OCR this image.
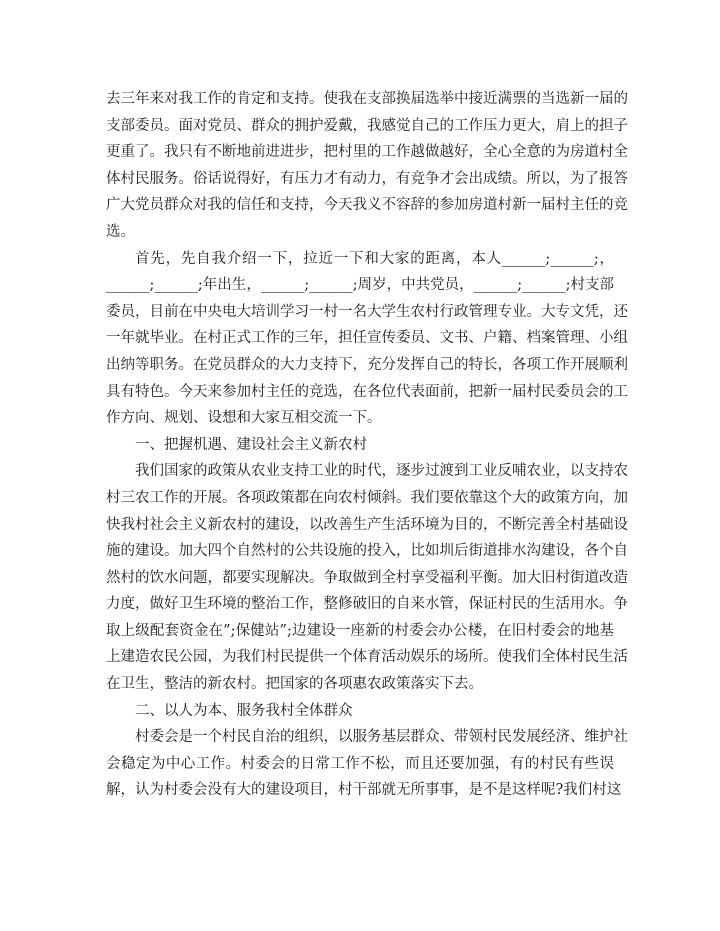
去三年来对我工作的肯定和支持。使我在支部换届选举中接近满票的当选新一届的
支部委员。面对党员、群众的拥护爱戴，我感觉自己的工作压力更大，肩上的担子
更重了。我只有不断地前进进步，把村里的工作越做越好，全心全意的为房道村全
体村民服务。俗话说得好，有压力才有动力，有竞争才会出成绩。所以，为了报答
广大党员群众对我的信任和支持，今天我义不容辞的参加房道村新一届村主任的竞
选。
首先，先自我介绍一下，拉近一下和大家的距离，本人______;______;，
______;______;年出生，______;______;周岁，中共党员，______;______;村支部
委员，目前在中央电大培训学习一村一名大学生农村行政管理专业。大专文凭，还
一年就毕业。在村正式工作的三年，担任宣传委员、文书、户籍、档案管理、小组
出纳等职务。在党员群众的大力支持下，充分发挥自己的特长，各项工作开展顺利
具有特色。今天来参加村主任的竞选，在各位代表面前，把新一届村民委员会的工
作方向、规划、设想和大家互相交流一下。
一、把握机遇、建设社会主义新农村
我们国家的政策从农业支持工业的时代，逐步过渡到工业反哺农业，以支持农
村三农工作的开展。各项政策都在向农村倾斜。我们要依靠这个大的政策方向，加
快我村社会主义新农村的建设，以改善生产生活环境为目的，不断完善全村基础设
施的建设。加大四个自然村的公共设施的投入，比如圳后街道排水沟建设，各个自
然村的饮水问题，都要实现解决。争取做到全村享受福利平衡。加大旧村街道改造
力度，做好卫生环境的整治工作，整修破旧的自来水管，保证村民的生活用水。争
取上级配套资金在”;保健站”;边建设一座新的村委会办公楼，在旧村委会的地基
上建造农民公园，为我们村民提供一个体育活动娱乐的场所。使我们全体村民生活
在卫生，整洁的新农村。把国家的各项惠农政策落实下去。
二、以人为本、服务我村全体群众
村委会是一个村民自治的组织，以服务基层群众、带领村民发展经济、维护社
会稳定为中心工作。村委会的日常工作不松，而且还要加强，有的村民有些误
解，认为村委会没有大的建设项目，村干部就无所事事，是不是这样呢?我们村这
